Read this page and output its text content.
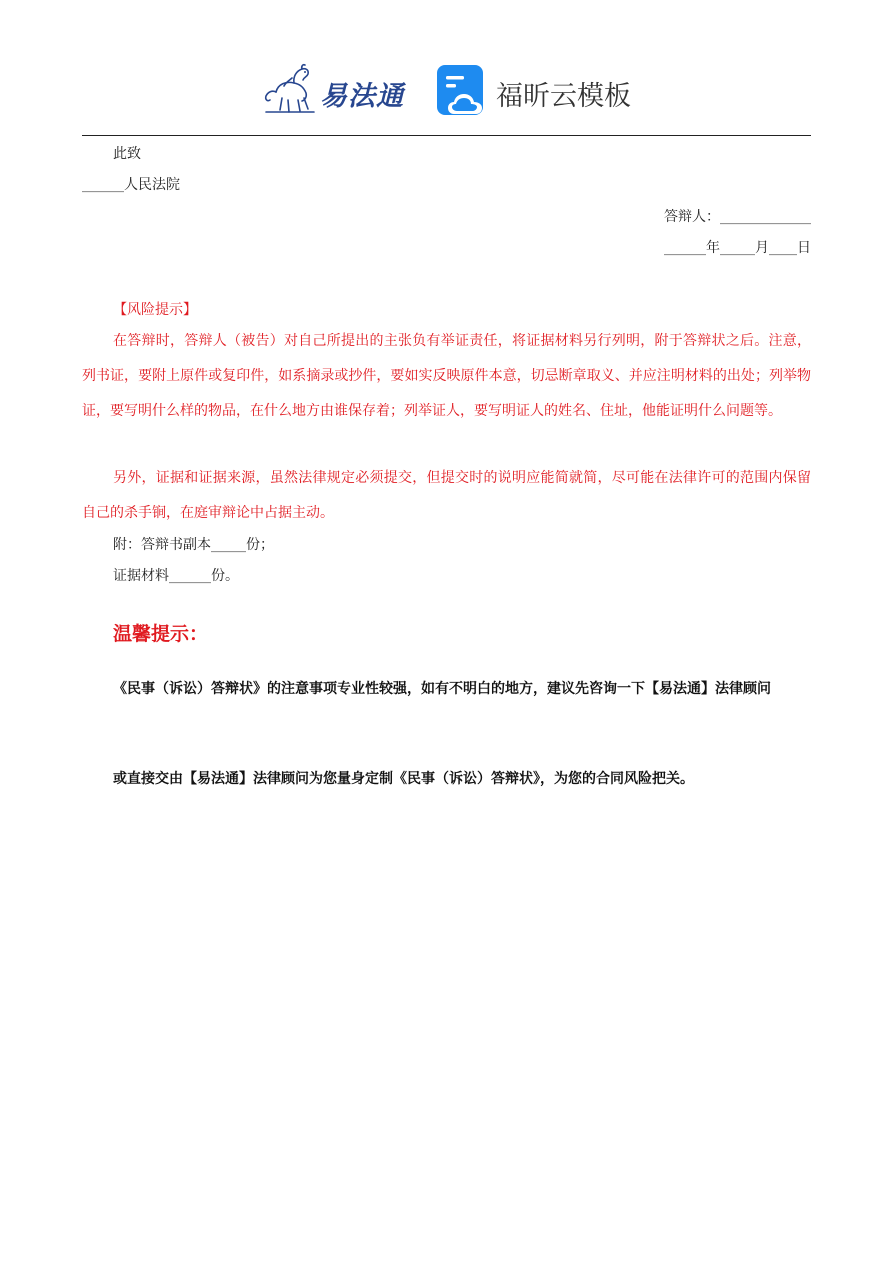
易法通	福昕云模板
此致
______人民法院
答辩人：_____________
______年_____月____日
【风险提示】
在答辩时，答辩人（被告）对自己所提出的主张负有举证责任，将证据材料另行列明，附于答辩状之后。注意，列书证，要附上原件或复印件，如系摘录或抄件，要如实反映原件本意，切忌断章取义、并应注明材料的出处；列举物证，要写明什么样的物品，在什么地方由谁保存着；列举证人，要写明证人的姓名、住址，他能证明什么问题等。
另外，证据和证据来源，虽然法律规定必须提交，但提交时的说明应能简就简，尽可能在法律许可的范围内保留自己的杀手锏，在庭审辩论中占据主动。
附：答辩书副本_____份；
证据材料______份。
温馨提示：
《民事（诉讼）答辩状》的注意事项专业性较强，如有不明白的地方，建议先咨询一下【易法通】法律顾问
或直接交由【易法通】法律顾问为您量身定制《民事（诉讼）答辩状》，为您的合同风险把关。
